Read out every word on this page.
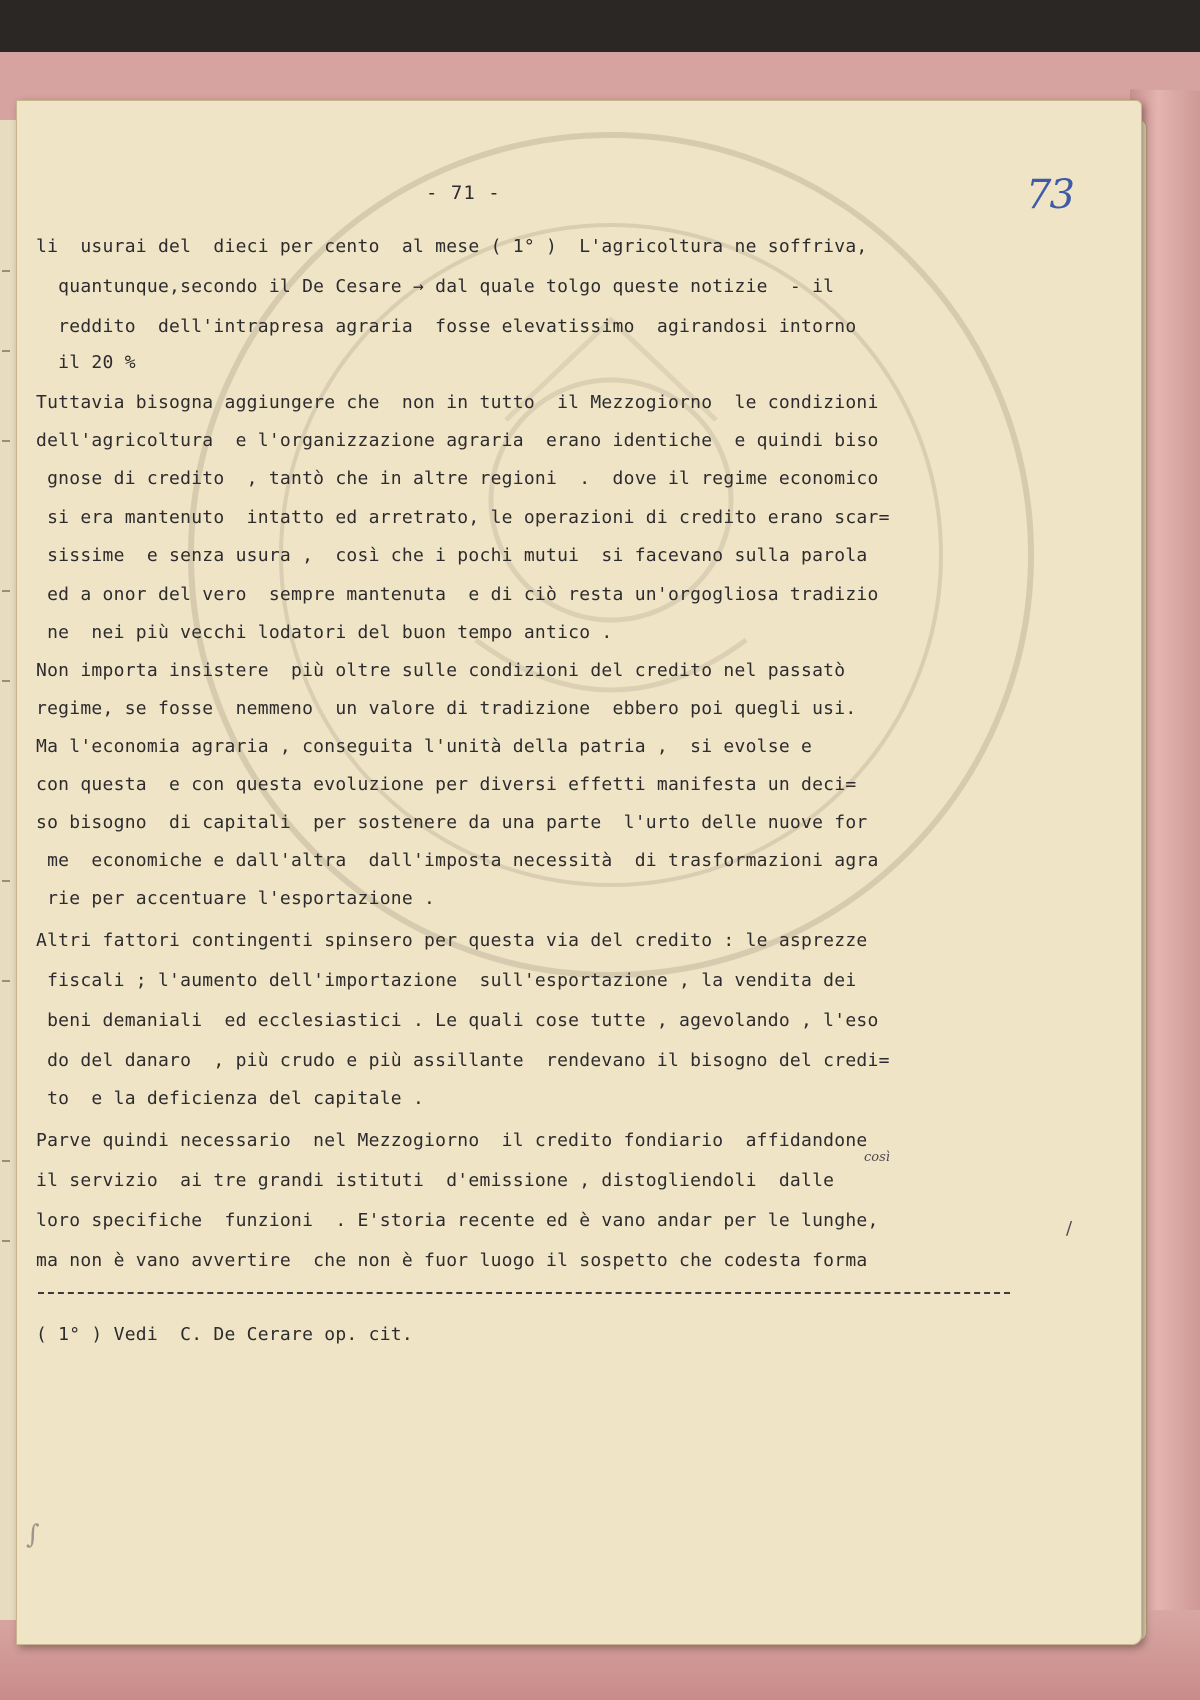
- 71 -	73
li  usurai del  dieci per cento  al mese ( 1° )  L'agricoltura ne soffriva,
quantunque,secondo il De Cesare → dal quale tolgo queste notizie  - il
reddito  dell'intrapresa agraria  fosse elevatissimo  agirandosi intorno
il 20 %
Tuttavia bisogna aggiungere che  non in tutto  il Mezzogiorno  le condizioni
dell'agricoltura  e l'organizzazione agraria  erano identiche  e quindi biso
gnose di credito  , tantò che in altre regioni  .  dove il regime economico
si era mantenuto  intatto ed arretrato, le operazioni di credito erano scar=
sissime  e senza usura ,  così che i pochi mutui  si facevano sulla parola
ed a onor del vero  sempre mantenuta  e di ciò resta un'orgogliosa tradizio
ne  nei più vecchi lodatori del buon tempo antico .
Non importa insistere  più oltre sulle condizioni del credito nel passatò
regime, se fosse  nemmeno  un valore di tradizione  ebbero poi quegli usi.
Ma l'economia agraria , conseguita l'unità della patria ,  si evolse e
con questa  e con questa evoluzione per diversi effetti manifesta un deci=
so bisogno  di capitali  per sostenere da una parte  l'urto delle nuove for
me  economiche e dall'altra  dall'imposta necessità  di trasformazioni agra
rie per accentuare l'esportazione .
Altri fattori contingenti spinsero per questa via del credito : le asprezze
fiscali ; l'aumento dell'importazione  sull'esportazione , la vendita dei
beni demaniali  ed ecclesiastici . Le quali cose tutte , agevolando , l'eso
do del danaro  , più crudo e più assillante  rendevano il bisogno del credi=
to  e la deficienza del capitale .
Parve quindi necessario  nel Mezzogiorno  il credito fondiario  affidandone
il servizio  ai tre grandi istituti  d'emissione , distogliendoli  dalle
loro specifiche  funzioni  . E'storia recente ed è vano andar per le lunghe,
ma non è vano avvertire  che non è fuor luogo il sospetto che codesta forma
così
/
( 1° ) Vedi  C. De Cerare op. cit.
∫
